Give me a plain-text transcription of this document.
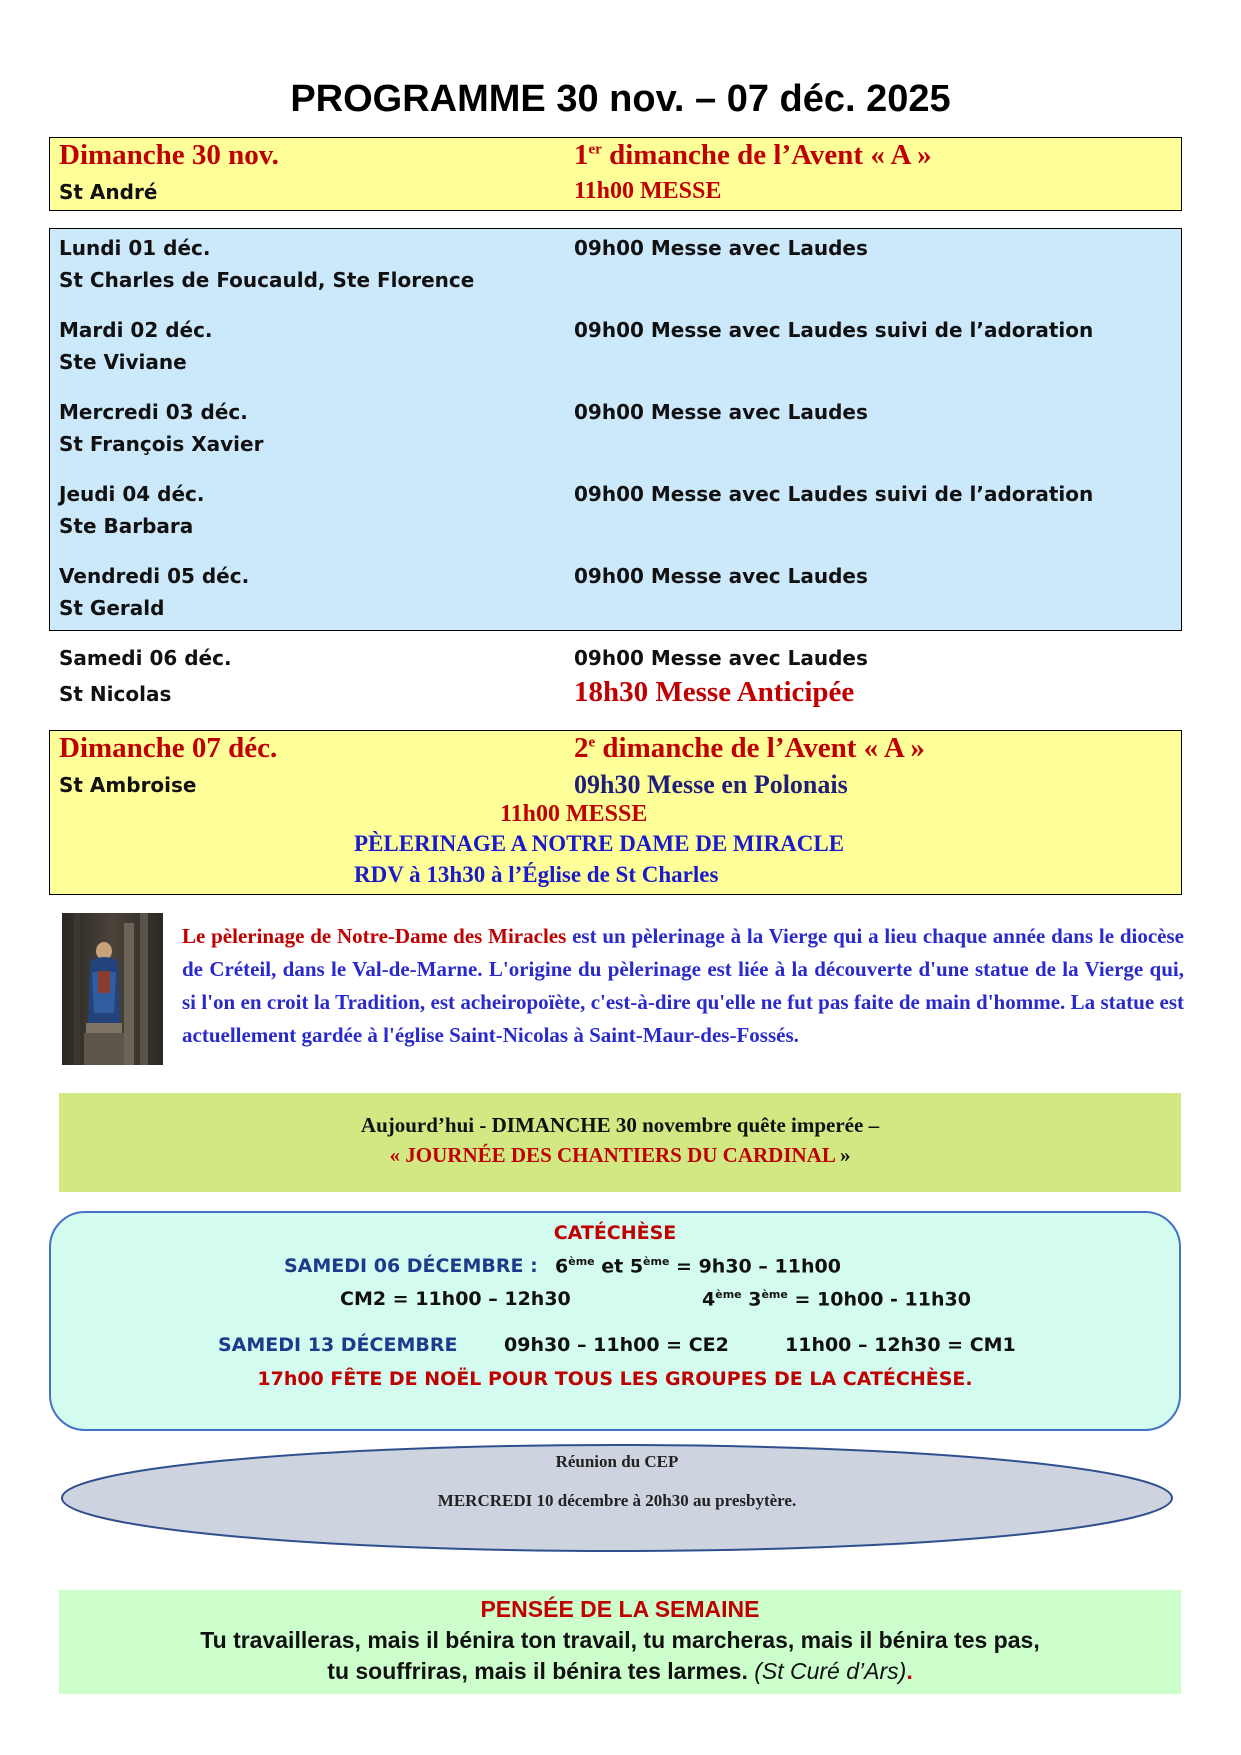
PROGRAMME 30 nov. – 07 déc. 2025
Dimanche 30 nov.
St André
1er dimanche de l’Avent « A »
11h00 MESSE
Lundi 01 déc.
St Charles de Foucauld, Ste Florence
09h00 Messe avec Laudes
Mardi 02 déc.
Ste Viviane
09h00 Messe avec Laudes suivi de l’adoration
Mercredi 03 déc.
St François Xavier
09h00 Messe avec Laudes
Jeudi 04 déc.
Ste Barbara
09h00 Messe avec Laudes suivi de l’adoration
Vendredi 05 déc.
St Gerald
09h00 Messe avec Laudes
Samedi 06 déc.
St Nicolas
09h00 Messe avec Laudes
18h30 Messe Anticipée
Dimanche 07 déc.
St Ambroise
2e dimanche de l’Avent « A »
09h30 Messe en Polonais
11h00 MESSE
PÈLERINAGE A NOTRE DAME DE MIRACLE
RDV à 13h30 à l’Église de St Charles
Le pèlerinage de Notre-Dame des Miracles est un pèlerinage à la Vierge qui a lieu chaque année dans le diocèse de Créteil, dans le Val-de-Marne. L'origine du pèlerinage est liée à la découverte d'une statue de la Vierge qui, si l'on en croit la Tradition, est acheiropoïète, c'est-à-dire qu'elle ne fut pas faite de main d'homme. La statue est actuellement gardée à l'église Saint-Nicolas à Saint-Maur-des-Fossés.
Aujourd’hui - DIMANCHE 30 novembre quête imperée –
« JOURNÉE DES CHANTIERS DU CARDINAL »
CATÉCHÈSE
SAMEDI 06 DÉCEMBRE : 6ème et 5ème = 9h30 – 11h00
CM2 = 11h00 – 12h30	4ème 3ème = 10h00 - 11h30
SAMEDI 13 DÉCEMBRE 09h30 – 11h00 = CE2	11h00 – 12h30 = CM1
17h00 FÊTE DE NOËL POUR TOUS LES GROUPES DE LA CATÉCHÈSE.
Réunion du CEP
MERCREDI 10 décembre à 20h30 au presbytère.
PENSÉE DE LA SEMAINE
Tu travailleras, mais il bénira ton travail, tu marcheras, mais il bénira tes pas,
tu souffriras, mais il bénira tes larmes. (St Curé d’Ars).
